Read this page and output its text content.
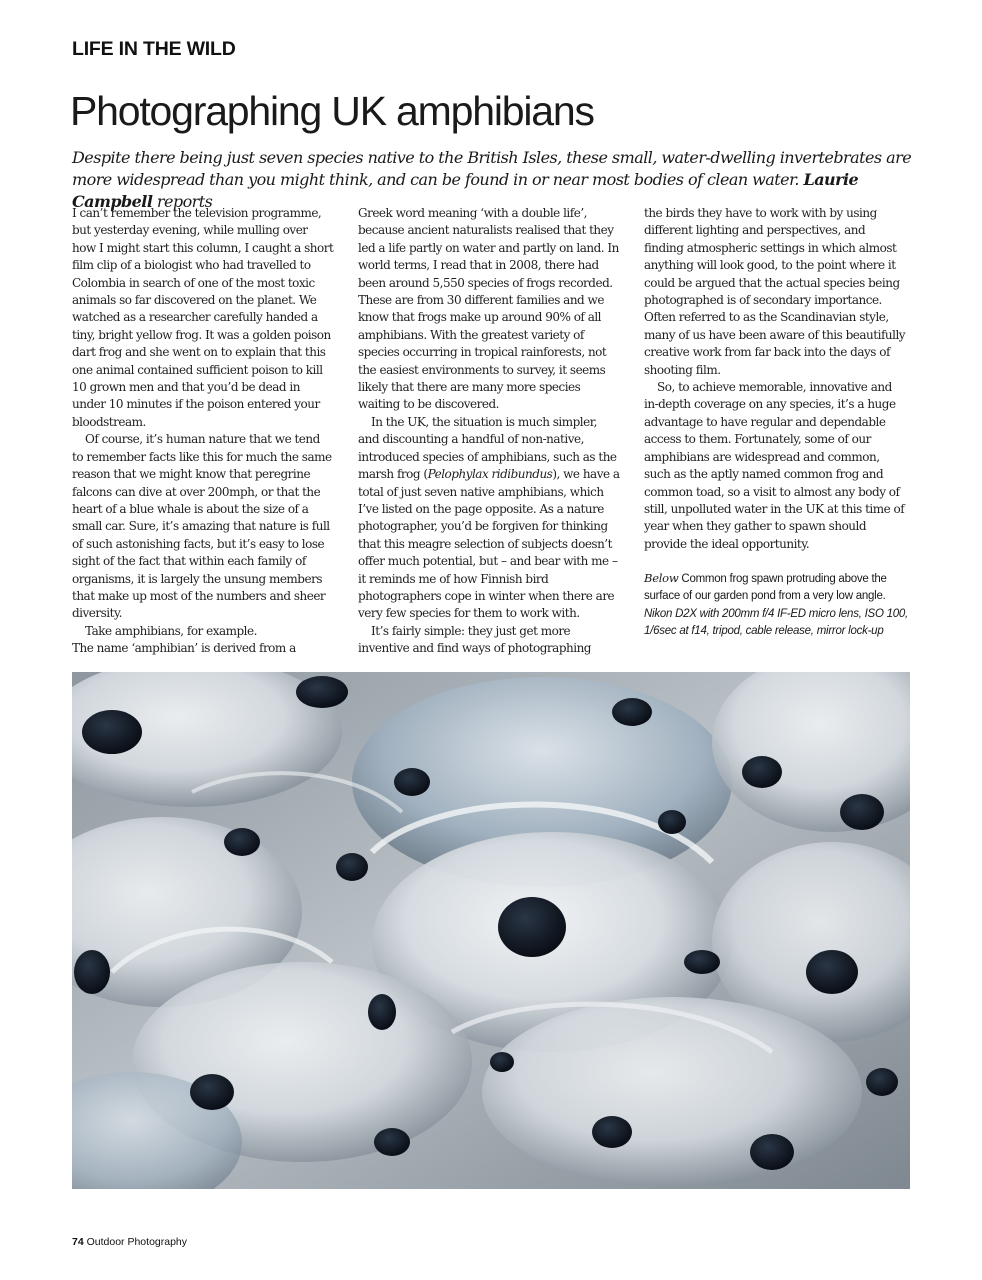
LIFE IN THE WILD
Photographing UK amphibians

Despite there being just seven species native to the British Isles, these small, water-dwelling invertebrates are more widespread than you might think, and can be found in or near most bodies of clean water. Laurie Campbell reports

I can’t remember the television programme, but yesterday evening, while mulling over how I might start this column, I caught a short film clip of a biologist who had travelled to Colombia in search of one of the most toxic animals so far discovered on the planet. We watched as a researcher carefully handed a tiny, bright yellow frog. It was a golden poison dart frog and she went on to explain that this one animal contained sufficient poison to kill 10 grown men and that you’d be dead in under 10 minutes if the poison entered your bloodstream.

Of course, it’s human nature that we tend to remember facts like this for much the same reason that we might know that peregrine falcons can dive at over 200mph, or that the heart of a blue whale is about the size of a small car. Sure, it’s amazing that nature is full of such astonishing facts, but it’s easy to lose sight of the fact that within each family of organisms, it is largely the unsung members that make up most of the numbers and sheer diversity.

Take amphibians, for example.

The name ‘amphibian’ is derived from a

Greek word meaning ‘with a double life’, because ancient naturalists realised that they led a life partly on water and partly on land. In world terms, I read that in 2008, there had been around 5,550 species of frogs recorded. These are from 30 different families and we know that frogs make up around 90% of all amphibians. With the greatest variety of species occurring in tropical rainforests, not the easiest environments to survey, it seems likely that there are many more species waiting to be discovered.

In the UK, the situation is much simpler, and discounting a handful of non-native, introduced species of amphibians, such as the marsh frog (Pelophylax ridibundus), we have a total of just seven native amphibians, which I’ve listed on the page opposite. As a nature photographer, you’d be forgiven for thinking that this meagre selection of subjects doesn’t offer much potential, but – and bear with me – it reminds me of how Finnish bird photographers cope in winter when there are very few species for them to work with.

It’s fairly simple: they just get more inventive and find ways of photographing

the birds they have to work with by using different lighting and perspectives, and finding atmospheric settings in which almost anything will look good, to the point where it could be argued that the actual species being photographed is of secondary importance. Often referred to as the Scandinavian style, many of us have been aware of this beautifully creative work from far back into the days of shooting film.

So, to achieve memorable, innovative and in-depth coverage on any species, it’s a huge advantage to have regular and dependable access to them. Fortunately, some of our amphibians are widespread and common, such as the aptly named common frog and common toad, so a visit to almost any body of still, unpolluted water in the UK at this time of year when they gather to spawn should provide the ideal opportunity.

Below Common frog spawn protruding above the surface of our garden pond from a very low angle. Nikon D2X with 200mm f/4 IF-ED micro lens, ISO 100, 1/6sec at f14, tripod, cable release, mirror lock-up

74 Outdoor Photography
